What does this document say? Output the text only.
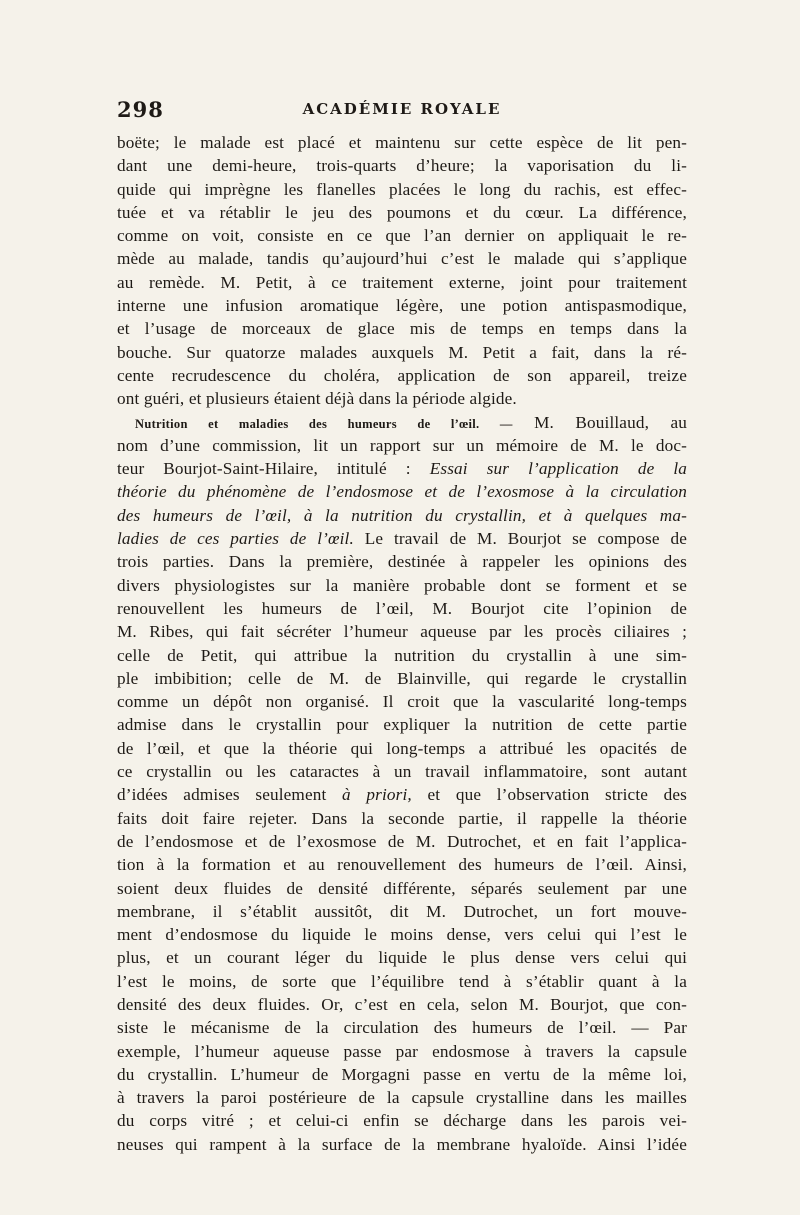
298	ACADÉMIE ROYALE
boëte; le malade est placé et maintenu sur cette espèce de lit pen-
dant une demi-heure, trois-quarts d’heure; la vaporisation du li-
quide qui imprègne les flanelles placées le long du rachis, est effec-
tuée et va rétablir le jeu des poumons et du cœur. La différence,
comme on voit, consiste en ce que l’an dernier on appliquait le re-
mède au malade, tandis qu’aujourd’hui c’est le malade qui s’applique
au remède. M. Petit, à ce traitement externe, joint pour traitement
interne une infusion aromatique légère, une potion antispasmodique,
et l’usage de morceaux de glace mis de temps en temps dans la
bouche. Sur quatorze malades auxquels M. Petit a fait, dans la ré-
cente recrudescence du choléra, application de son appareil, treize
ont guéri, et plusieurs étaient déjà dans la période algide.
Nutrition et maladies des humeurs de l’œil. — M. Bouillaud, au
nom d’une commission, lit un rapport sur un mémoire de M. le doc-
teur Bourjot-Saint-Hilaire, intitulé : Essai sur l’application de la
théorie du phénomène de l’endosmose et de l’exosmose à la circulation
des humeurs de l’œil, à la nutrition du crystallin, et à quelques ma-
ladies de ces parties de l’œil. Le travail de M. Bourjot se compose de
trois parties. Dans la première, destinée à rappeler les opinions des
divers physiologistes sur la manière probable dont se forment et se
renouvellent les humeurs de l’œil, M. Bourjot cite l’opinion de
M. Ribes, qui fait sécréter l’humeur aqueuse par les procès ciliaires ;
celle de Petit, qui attribue la nutrition du crystallin à une sim-
ple imbibition; celle de M. de Blainville, qui regarde le crystallin
comme un dépôt non organisé. Il croit que la vascularité long-temps
admise dans le crystallin pour expliquer la nutrition de cette partie
de l’œil, et que la théorie qui long-temps a attribué les opacités de
ce crystallin ou les cataractes à un travail inflammatoire, sont autant
d’idées admises seulement à priori, et que l’observation stricte des
faits doit faire rejeter. Dans la seconde partie, il rappelle la théorie
de l’endosmose et de l’exosmose de M. Dutrochet, et en fait l’applica-
tion à la formation et au renouvellement des humeurs de l’œil. Ainsi,
soient deux fluides de densité différente, séparés seulement par une
membrane, il s’établit aussitôt, dit M. Dutrochet, un fort mouve-
ment d’endosmose du liquide le moins dense, vers celui qui l’est le
plus, et un courant léger du liquide le plus dense vers celui qui
l’est le moins, de sorte que l’équilibre tend à s’établir quant à la
densité des deux fluides. Or, c’est en cela, selon M. Bourjot, que con-
siste le mécanisme de la circulation des humeurs de l’œil. — Par
exemple, l’humeur aqueuse passe par endosmose à travers la capsule
du crystallin. L’humeur de Morgagni passe en vertu de la même loi,
à travers la paroi postérieure de la capsule crystalline dans les mailles
du corps vitré ; et celui-ci enfin se décharge dans les parois vei-
neuses qui rampent à la surface de la membrane hyaloïde. Ainsi l’idée
